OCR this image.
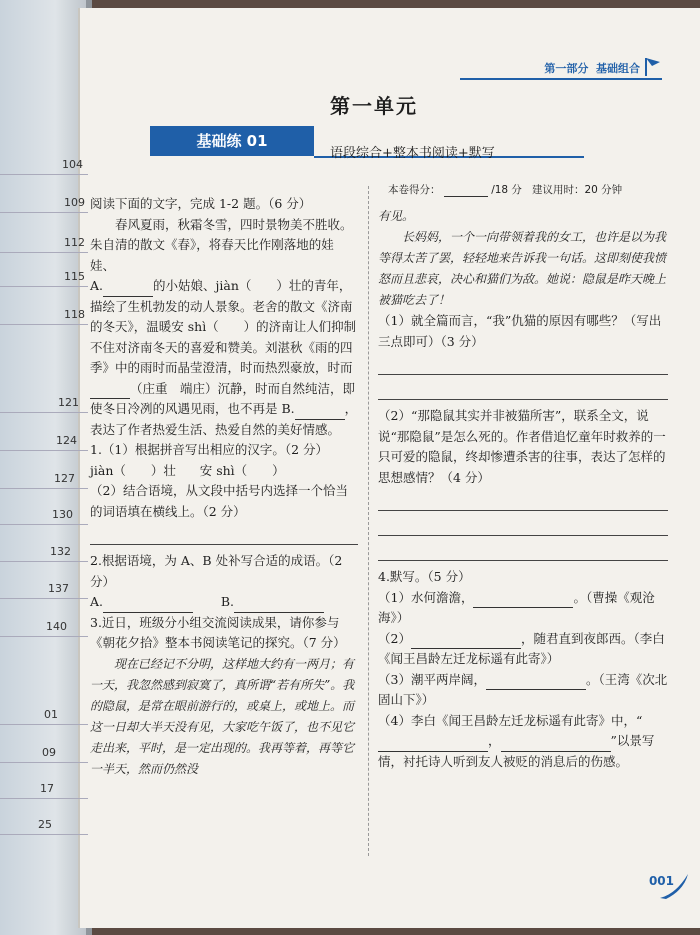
第一部分 基础组合
第一单元
基础练 01
语段综合+整本书阅读+默写
本卷得分：	/18 分 建议用时：20 分钟

阅读下面的文字，完成 1-2 题。（6 分）

春风夏雨，秋霜冬雪，四时景物美不胜收。朱自清的散文《春》，将春天比作刚落地的娃娃、

A.	的小姑娘、jiàn（　　）壮的青年，描绘了生机勃发的动人景象。老舍的散文《济南的冬天》，温暖安 shì（　　）的济南让人们抑制不住对济南冬天的喜爱和赞美。刘湛秋《雨的四季》中的雨时而晶莹澄清，时而热烈豪放，时而

（庄重　端庄）沉静，时而自然纯洁，即使冬日冷冽的风遇见雨，也不再是 B.	，表达了作者热爱生活、热爱自然的美好情感。

1.（1）根据拼音写出相应的汉字。（2 分）

jiàn（　　）壮 安 shì（　　）

（2）结合语境，从文段中括号内选择一个恰当的词语填在横线上。（2 分）

2.根据语境，为 A、B 处补写合适的成语。（2 分）

A.	B.

3.近日，班级分小组交流阅读成果，请你参与《朝花夕拾》整本书阅读笔记的探究。（7 分）

现在已经记不分明，这样地大约有一两月；有一天，我忽然感到寂寞了，真所谓“若有所失”。我的隐鼠，是常在眼前游行的，或桌上，或地上。而这一日却大半天没有见，大家吃午饭了，也不见它走出来，平时，是一定出现的。我再等着，再等它一半天，然而仍然没

有见。

长妈妈，一个一向带领着我的女工，也许是以为我等得太苦了罢，轻轻地来告诉我一句话。这即刻使我愤怒而且悲哀，决心和猫们为敌。她说：隐鼠是昨天晚上被猫吃去了！

（1）就全篇而言，“我”仇猫的原因有哪些？（写出三点即可）（3 分）

（2）“那隐鼠其实并非被猫所害”，联系全文，说说“那隐鼠”是怎么死的。作者借追忆童年时救养的一只可爱的隐鼠，终却惨遭杀害的往事，表达了怎样的思想感情？（4 分）

4.默写。（5 分）

（1）水何澹澹，	。（曹操《观沧海》）

（2）	，随君直到夜郎西。（李白《闻王昌龄左迁龙标遥有此寄》）

（3）潮平两岸阔，	。（王湾《次北固山下》）

（4）李白《闻王昌龄左迁龙标遥有此寄》中，“，	”以景写情，衬托诗人听到友人被贬的消息后的伤感。

001
104
109
112
115
118
121
124
127
130
132
137
140
01
09
17
25
